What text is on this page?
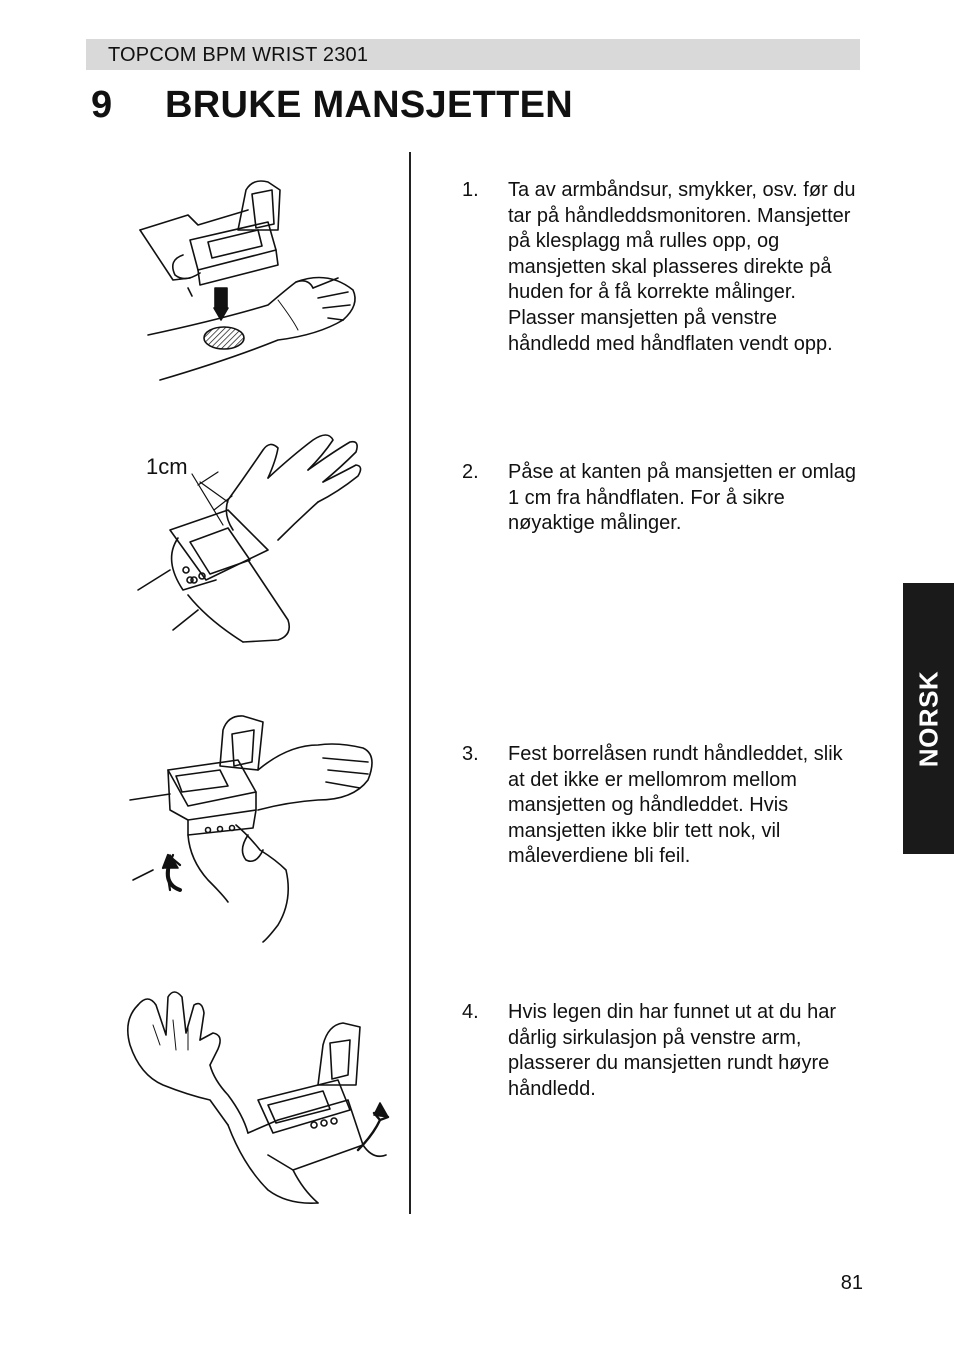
TOPCOM BPM WRIST 2301
9 BRUKE MANSJETTEN
1cm
1. Ta av armbåndsur, smykker, osv. før du tar på håndleddsmonitoren. Mansjetter på klesplagg må rulles opp, og mansjetten skal plasseres direkte på huden for å få korrekte målinger. Plasser mansjetten på venstre håndledd med håndflaten vendt opp.
2. Påse at kanten på mansjetten er omlag 1 cm fra håndflaten. For å sikre nøyaktige målinger.
3. Fest borrelåsen rundt håndleddet, slik at det ikke er mellomrom mellom mansjetten og håndleddet. Hvis mansjetten ikke blir tett nok, vil måleverdiene bli feil.
4. Hvis legen din har funnet ut at du har dårlig sirkulasjon på venstre arm, plasserer du mansjetten rundt høyre håndledd.
NORSK
81
